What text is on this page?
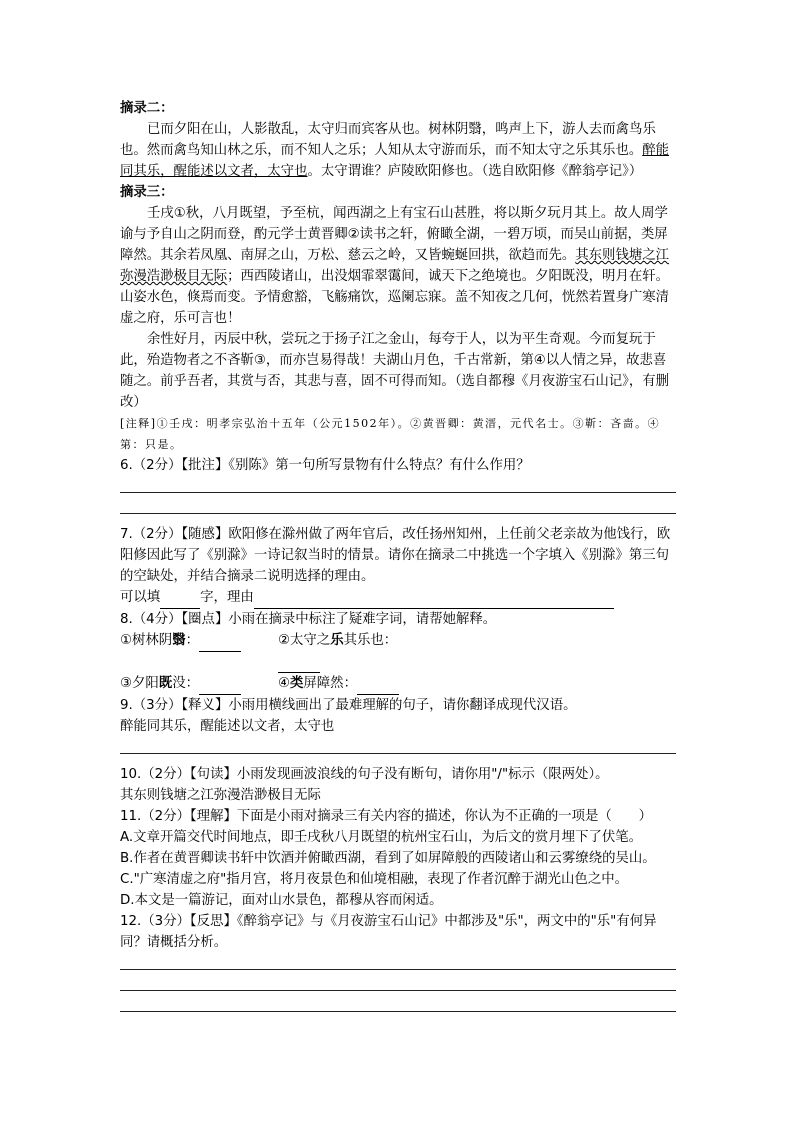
摘录二：

已而夕阳在山，人影散乱，太守归而宾客从也。树林阴翳，鸣声上下，游人去而禽鸟乐也。然而禽鸟知山林之乐，而不知人之乐；人知从太守游而乐，而不知太守之乐其乐也。醉能同其乐，醒能述以文者，太守也。太守谓谁？庐陵欧阳修也。（选自欧阳修《醉翁亭记》）

摘录三：

壬戌①秋，八月既望，予至杭，闻西湖之上有宝石山甚胜，将以斯夕玩月其上。故人周学谕与予自山之阴而登，酌元学士黄晋卿②读书之轩，俯瞰全湖，一碧万顷，而吴山前据，类屏障然。其余若凤凰、南屏之山，万松、慈云之岭，又皆蜿蜒回拱，欲趋而先。其东则钱塘之江弥漫浩渺极目无际；西西陵诸山，出没烟霏翠霭间，诚天下之绝境也。夕阳既没，明月在轩。山姿水色，倏焉而变。予情愈豁，飞觞痛饮，巡阑忘寐。盖不知夜之几何，恍然若置身广寒清虚之府，乐可言也！

余性好月，丙辰中秋，尝玩之于扬子江之金山，每夸于人，以为平生奇观。今而复玩于此，殆造物者之不吝靳③，而亦岂易得哉！夫湖山月色，千古常新，第④以人情之异，故悲喜随之。前乎吾者，其赏与否，其悲与喜，固不可得而知。（选自都穆《月夜游宝石山记》，有删改）

[注释]①壬戌：明孝宗弘治十五年（公元1502年）。②黄晋卿：黄溍，元代名士。③靳：吝啬。④第：只是。

6.（2分）【批注】《别陈》第一句所写景物有什么特点？有什么作用？

7.（2分）【随感】欧阳修在滁州做了两年官后，改任扬州知州，上任前父老亲故为他饯行，欧阳修因此写了《别滁》一诗记叙当时的情景。请你在摘录二中挑选一个字填入《别滁》第三句的空缺处，并结合摘录二说明选择的理由。

可以填	字，理由

8.（4分）【圈点】小雨在摘录中标注了疑难字词，请帮她解释。

①树林阴翳：	②太守之乐其乐也：
③夕阳既没：	④类屏障然：

9.（3分）【释义】小雨用横线画出了最难理解的句子，请你翻译成现代汉语。

醉能同其乐，醒能述以文者，太守也

10.（2分）【句读】小雨发现画波浪线的句子没有断句，请你用"/"标示（限两处）。

其东则钱塘之江弥漫浩渺极目无际

11.（2分）【理解】下面是小雨对摘录三有关内容的描述，你认为不正确的一项是（　　）

A.文章开篇交代时间地点，即壬戌秋八月既望的杭州宝石山，为后文的赏月埋下了伏笔。

B.作者在黄晋卿读书轩中饮酒并俯瞰西湖，看到了如屏障般的西陵诸山和云雾缭绕的吴山。

C."广寒清虚之府"指月宫，将月夜景色和仙境相融，表现了作者沉醉于湖光山色之中。

D.本文是一篇游记，面对山水景色，都穆从容而闲适。

12.（3分）【反思】《醉翁亭记》与《月夜游宝石山记》中都涉及"乐"，两文中的"乐"有何异同？请概括分析。
